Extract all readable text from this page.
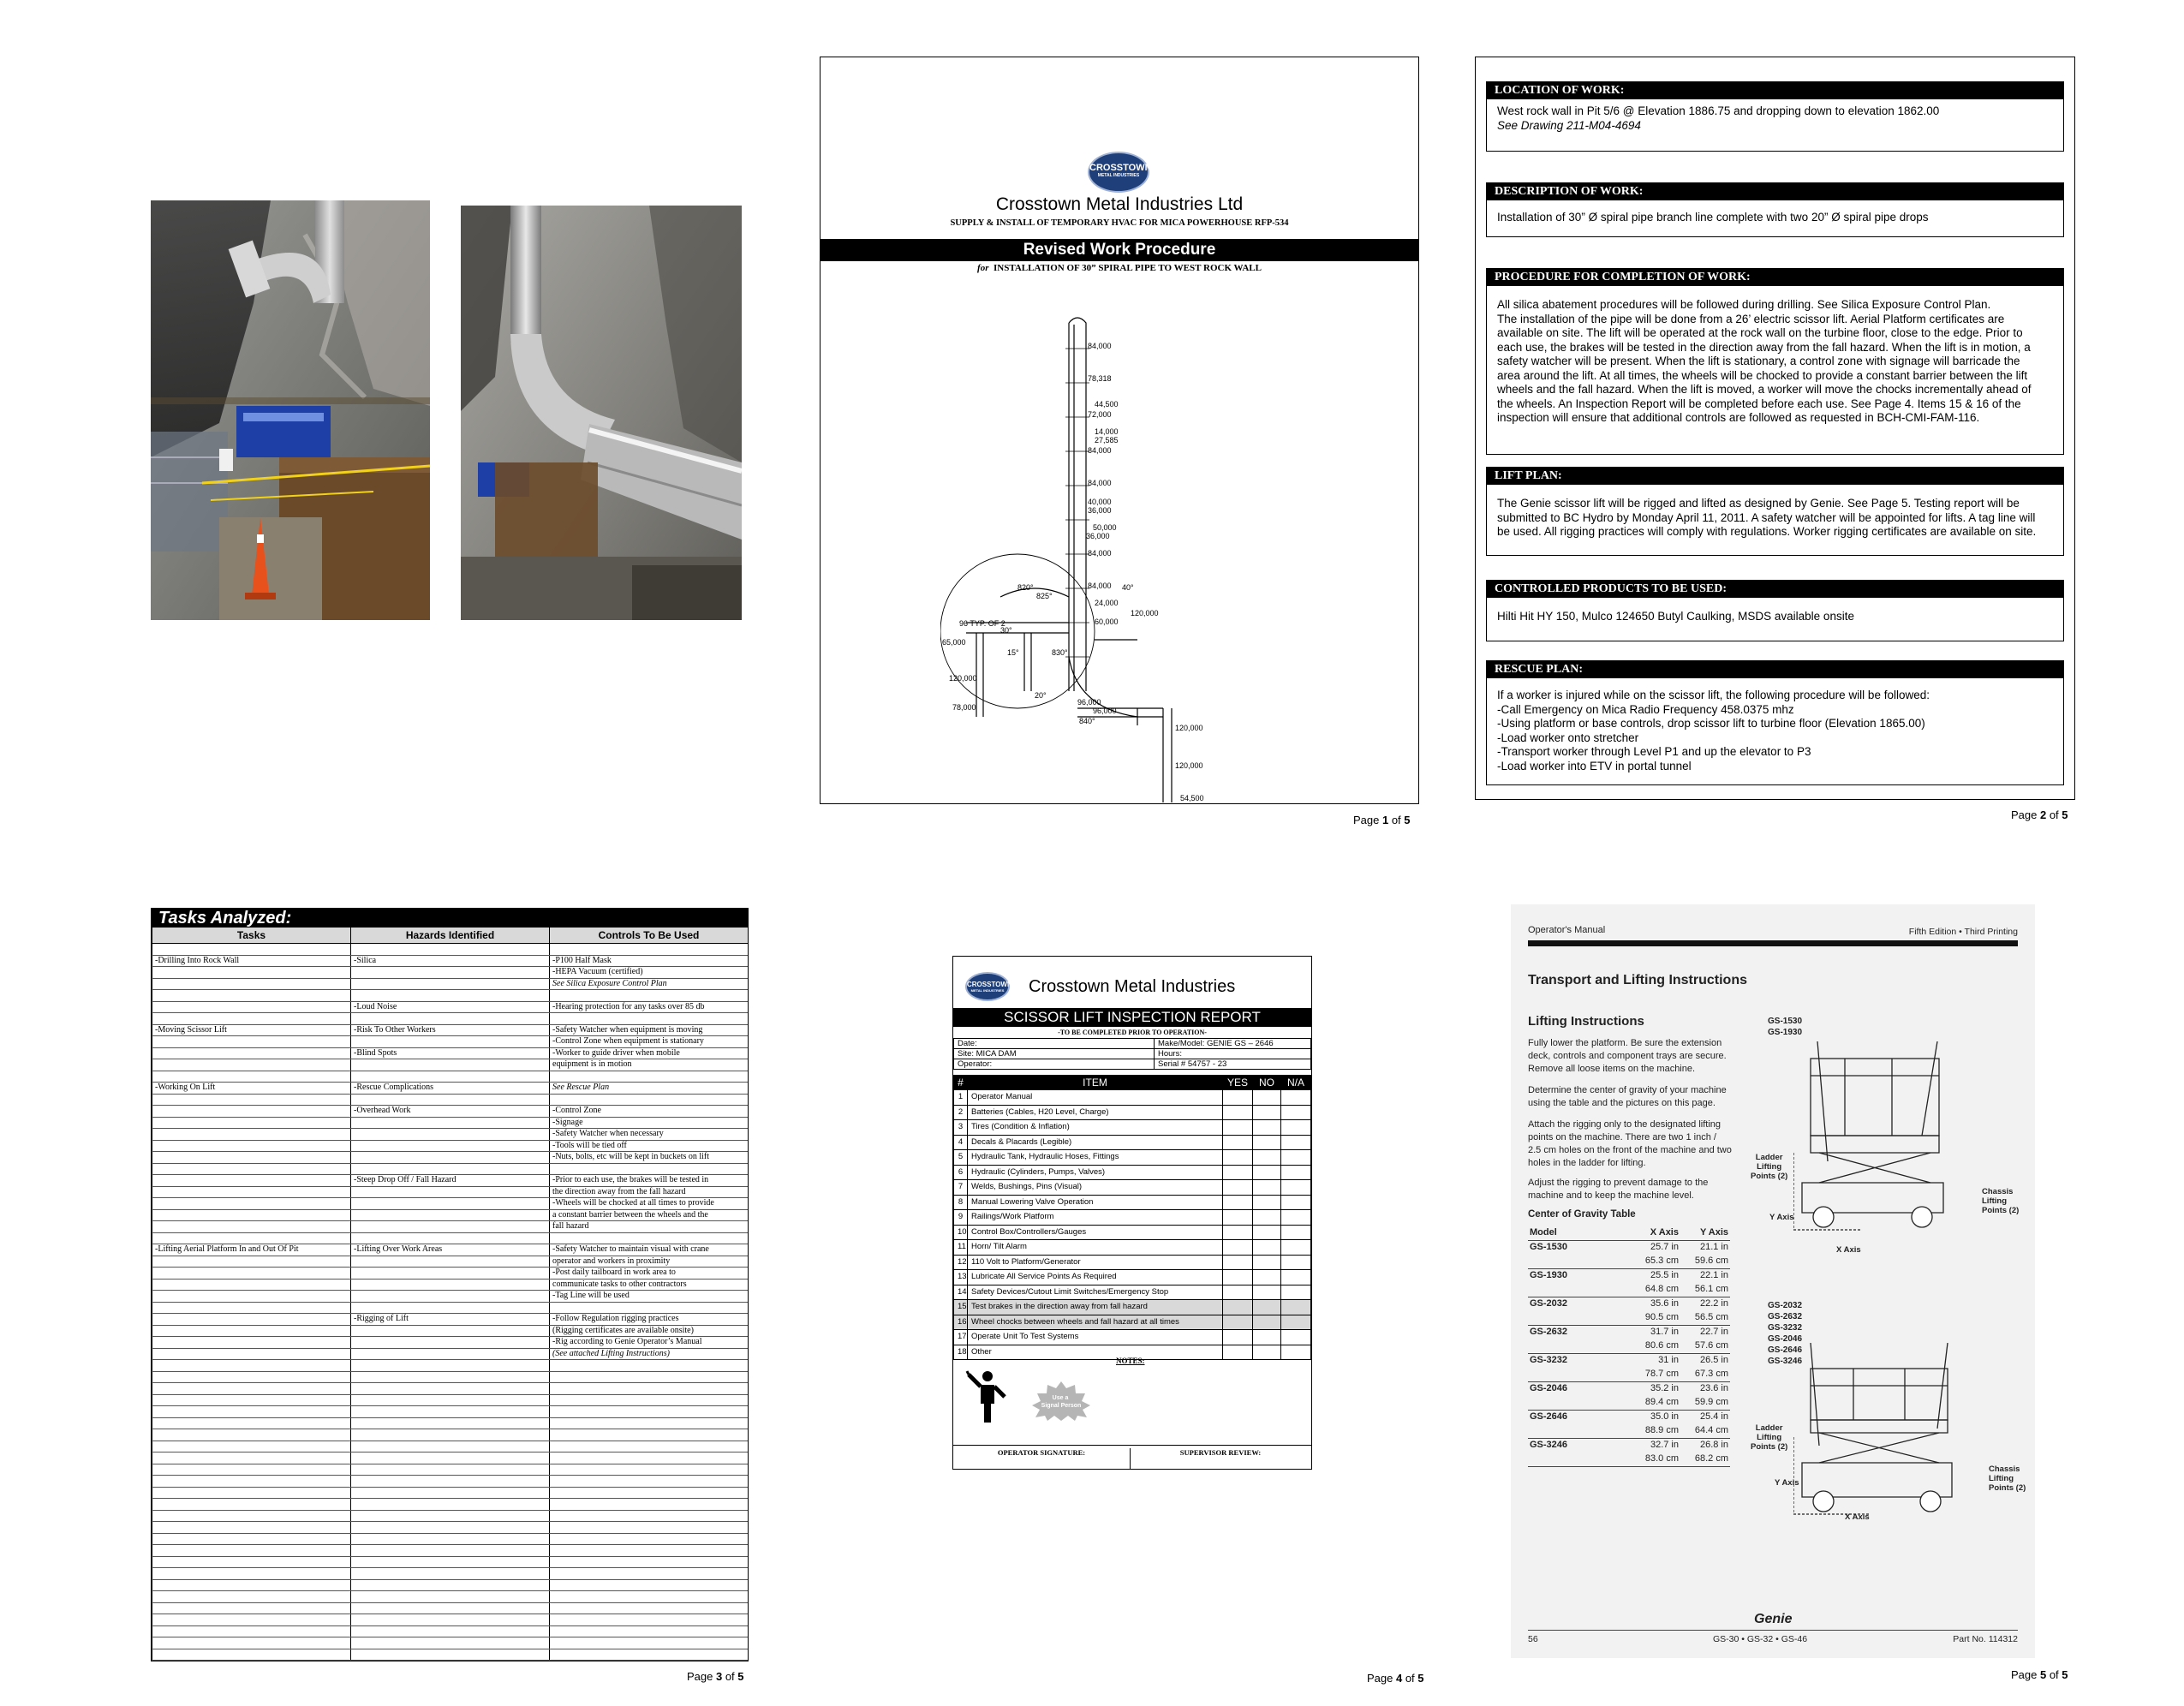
CROSSTOWN
METAL INDUSTRIES
Crosstown Metal Industries Ltd
SUPPLY & INSTALL OF TEMPORARY HVAC FOR MICA POWERHOUSE RFP-534
Revised Work Procedure
for INSTALLATION OF 30” SPIRAL PIPE TO WEST ROCK WALL
84,000
78,318
44,500
72,000
14,000
27,585
84,000
84,000
40,000
36,000
50,000
36,000
84,000
84,000 40°
24,000
120,000
60,000
96 TYP. OF 2
30°
65,000
15°	830°
120,000
20°
78,000
96,000
96,000
840°
120,000
120,000
54,500
820°
825°
Page 1 of 5
LOCATION OF WORK:

West rock wall in Pit 5/6 @ Elevation 1886.75 and dropping down to elevation 1862.00

See Drawing 211-M04-4694

DESCRIPTION OF WORK:

Installation of 30” Ø spiral pipe branch line complete with two 20” Ø spiral pipe drops

PROCEDURE FOR COMPLETION OF WORK:

All silica abatement procedures will be followed during drilling. See Silica Exposure Control Plan.

The installation of the pipe will be done from a 26’ electric scissor lift. Aerial Platform certificates are

available on site. The lift will be operated at the rock wall on the turbine floor, close to the edge. Prior to

each use, the brakes will be tested in the direction away from the fall hazard. When the lift is in motion, a

safety watcher will be present. When the lift is stationary, a control zone with signage will barricade the

area around the lift. At all times, the wheels will be chocked to provide a constant barrier between the lift

wheels and the fall hazard. When the lift is moved, a worker will move the chocks incrementally ahead of

the wheels. An Inspection Report will be completed before each use. See Page 4. Items 15 & 16 of the

inspection will ensure that additional controls are followed as requested in BCH-CMI-FAM-116.

LIFT PLAN:

The Genie scissor lift will be rigged and lifted as designed by Genie. See Page 5. Testing report will be

submitted to BC Hydro by Monday April 11, 2011. A safety watcher will be appointed for lifts. A tag line will

be used. All rigging practices will comply with regulations. Worker rigging certificates are available on site.

CONTROLLED PRODUCTS TO BE USED:

Hilti Hit HY 150, Mulco 124650 Butyl Caulking, MSDS available onsite

RESCUE PLAN:

If a worker is injured while on the scissor lift, the following procedure will be followed:

-Call Emergency on Mica Radio Frequency 458.0375 mhz

-Using platform or base controls, drop scissor lift to turbine floor (Elevation 1865.00)

-Load worker onto stretcher

-Transport worker through Level P1 and up the elevator to P3

-Load worker into ETV in portal tunnel

Page 2 of 5
Tasks Analyzed:
Tasks	Hazards Identified	Controls To Be Used

-Drilling Into Rock Wall	-Silica	-P100 Half Mask
		-HEPA Vacuum (certified)
		See Silica Exposure Control Plan

	-Loud Noise	-Hearing protection for any tasks over 85 db

-Moving Scissor Lift	-Risk To Other Workers	-Safety Watcher when equipment is moving
		-Control Zone when equipment is stationary
	-Blind Spots	-Worker to guide driver when mobile
		equipment is in motion

-Working On Lift	-Rescue Complications	See Rescue Plan

	-Overhead Work	-Control Zone
		-Signage
		-Safety Watcher when necessary
		-Tools will be tied off
		-Nuts, bolts, etc will be kept in buckets on lift

	-Steep Drop Off / Fall Hazard	-Prior to each use, the brakes will be tested in
		the direction away from the fall hazard
		-Wheels will be chocked at all times to provide
		a constant barrier between the wheels and the
		fall hazard

-Lifting Aerial Platform In and Out Of Pit	-Lifting Over Work Areas	-Safety Watcher to maintain visual with crane
		operator and workers in proximity
		-Post daily tailboard in work area to
		communicate tasks to other contractors
		-Tag Line will be used

	-Rigging of Lift	-Follow Regulation rigging practices
		(Rigging certificates are available onsite)
		-Rig according to Genie Operator’s Manual
		(See attached Lifting Instructions)

Page 3 of 5
CROSSTOWN
METAL INDUSTRIES Crosstown Metal Industries
SCISSOR LIFT INSPECTION REPORT
-TO BE COMPLETED PRIOR TO OPERATION-
Date:	Make/Model: GENIE GS – 2646
Site: MICA DAM	Hours:
Operator:	Serial # 54757 - 23
#	ITEM	YES	NO	N/A
1	Operator Manual			
2	Batteries (Cables, H20 Level, Charge)			
3	Tires (Condition & Inflation)			
4	Decals & Placards (Legible)			
5	Hydraulic Tank, Hydraulic Hoses, Fittings			
6	Hydraulic (Cylinders, Pumps, Valves)			
7	Welds, Bushings, Pins (Visual)			
8	Manual Lowering Valve Operation			
9	Railings/Work Platform			
10	Control Box/Controllers/Gauges			
11	Horn/ Tilt Alarm			
12	110 Volt to Platform/Generator			
13	Lubricate All Service Points As Required			
14	Safety Devices/Cutout Limit Switches/Emergency Stop			
15	Test brakes in the direction away from fall hazard			
16	Wheel chocks between wheels and fall hazard at all times			
17	Operate Unit To Test Systems			
18	Other			
NOTES:
Use a Signal Person
OPERATOR SIGNATURE:	SUPERVISOR REVIEW:
Page 4 of 5
Operator's Manual	Fifth Edition • Third Printing
Transport and Lifting Instructions
Lifting Instructions
Fully lower the platform. Be sure the extension
deck, controls and component trays are secure.
Remove all loose items on the machine.
Determine the center of gravity of your machine
using the table and the pictures on this page.
Attach the rigging only to the designated lifting
points on the machine. There are two 1 inch /
2.5 cm holes on the front of the machine and two
holes in the ladder for lifting.
Adjust the rigging to prevent damage to the
machine and to keep the machine level.
Center of Gravity Table
Model	X Axis	Y Axis
GS-1530	25.7 in	21.1 in
	65.3 cm	59.6 cm
GS-1930	25.5 in	22.1 in
	64.8 cm	56.1 cm
GS-2032	35.6 in	22.2 in
	90.5 cm	56.5 cm
GS-2632	31.7 in	22.7 in
	80.6 cm	57.6 cm
GS-3232	31 in	26.5 in
	78.7 cm	67.3 cm
GS-2046	35.2 in	23.6 in
	89.4 cm	59.9 cm
GS-2646	35.0 in	25.4 in
	88.9 cm	64.4 cm
GS-3246	32.7 in	26.8 in
	83.0 cm	68.2 cm
GS-1530
GS-1930
GS-2032
GS-2632
GS-3232
GS-2046
GS-2646
GS-3246
Ladder
Lifting
Points (2)
Chassis
Lifting
Points (2)
Y Axis
X Axis
Ladder
Lifting
Points (2)
Chassis
Lifting
Points (2)
Y Axis
X Axis
Genie
56	GS-30 • GS-32 • GS-46	Part No. 114312
Page 5 of 5
